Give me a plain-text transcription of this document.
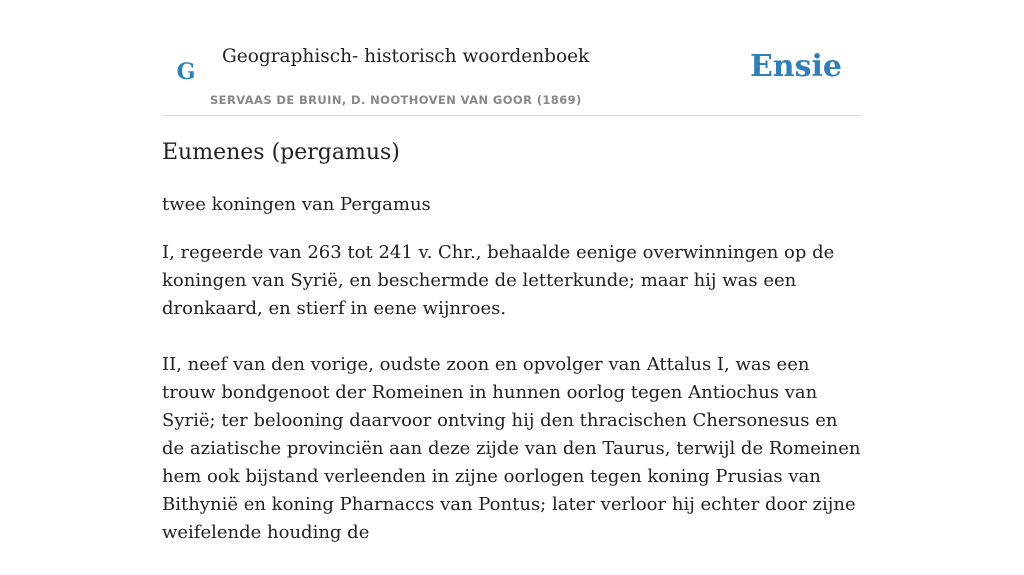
G
Geographisch- historisch woordenboek
SERVAAS DE BRUIN, D. NOOTHOVEN VAN GOOR (1869)
Ensie
Eumenes (pergamus)
twee koningen van Pergamus

I, regeerde van 263 tot 241 v. Chr., behaalde eenige overwinningen op de koningen van Syrië, en beschermde de letterkunde; maar hij was een dronkaard, en stierf in eene wijnroes.

II, neef van den vorige, oudste zoon en opvolger van Attalus I, was een trouw bondgenoot der Romeinen in hunnen oorlog tegen Antiochus van Syrië; ter belooning daarvoor ontving hij den thracischen Chersonesus en de aziatische provinciën aan deze zijde van den Taurus, terwijl de Romeinen hem ook bijstand verleenden in zijne oorlogen tegen koning Prusias van Bithynië en koning Pharnaccs van Pontus; later verloor hij echter door zijne weifelende houding de
